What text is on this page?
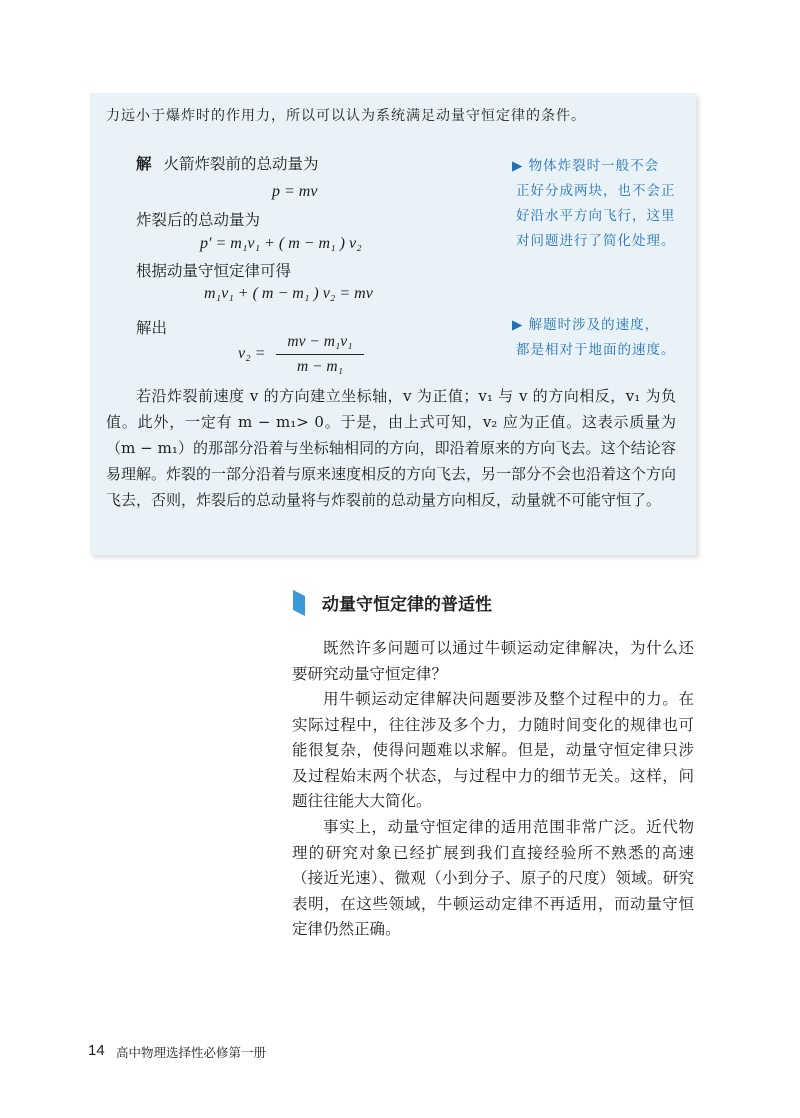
力远小于爆炸时的作用力，所以可以认为系统满足动量守恒定律的条件。
解 火箭炸裂前的总动量为
p = mv
炸裂后的总动量为
p′ = m₁v₁ + ( m − m₁ ) v₂
根据动量守恒定律可得
m₁v₁ + ( m − m₁ ) v₂ = mv
解出
v₂ =
mv − m₁v₁
m − m₁
▶ 物体炸裂时一般不会
正好分成两块，也不会正
好沿水平方向飞行，这里
对问题进行了简化处理。
▶ 解题时涉及的速度，
都是相对于地面的速度。
若沿炸裂前速度 v 的方向建立坐标轴，v 为正值；v₁ 与 v 的方向相反，v₁ 为负值。此外，一定有 m − m₁> 0。于是，由上式可知，v₂ 应为正值。这表示质量为（m − m₁）的那部分沿着与坐标轴相同的方向，即沿着原来的方向飞去。这个结论容易理解。炸裂的一部分沿着与原来速度相反的方向飞去，另一部分不会也沿着这个方向飞去，否则，炸裂后的总动量将与炸裂前的总动量方向相反，动量就不可能守恒了。
动量守恒定律的普适性
既然许多问题可以通过牛顿运动定律解决，为什么还要研究动量守恒定律？
用牛顿运动定律解决问题要涉及整个过程中的力。在实际过程中，往往涉及多个力，力随时间变化的规律也可能很复杂，使得问题难以求解。但是，动量守恒定律只涉及过程始末两个状态，与过程中力的细节无关。这样，问题往往能大大简化。
事实上，动量守恒定律的适用范围非常广泛。近代物理的研究对象已经扩展到我们直接经验所不熟悉的高速（接近光速）、微观（小到分子、原子的尺度）领域。研究表明，在这些领域，牛顿运动定律不再适用，而动量守恒定律仍然正确。
14 高中物理选择性必修第一册
